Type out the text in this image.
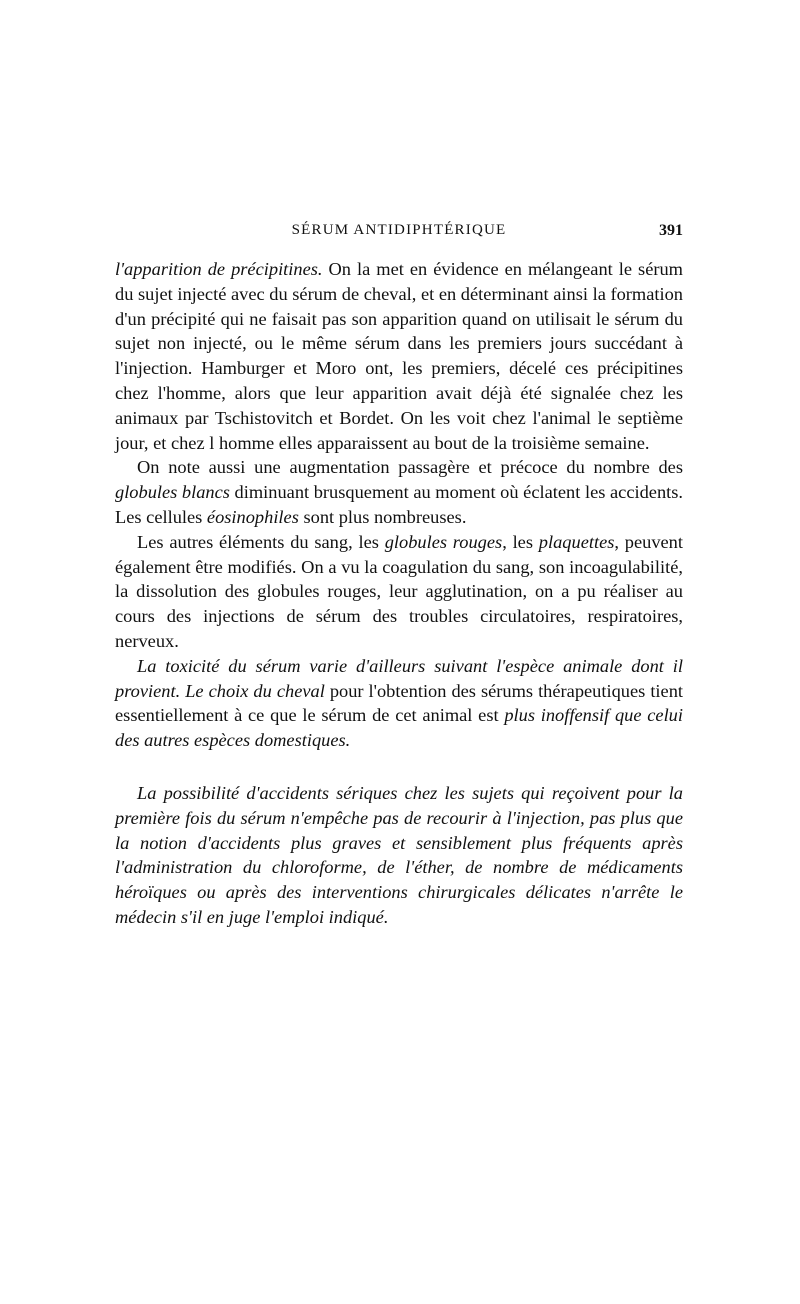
SÉRUM ANTIDIPHTÉRIQUE	391

l'apparition de précipitines. On la met en évidence en mélangeant le sérum du sujet injecté avec du sérum de cheval, et en déterminant ainsi la formation d'un précipité qui ne faisait pas son apparition quand on utilisait le sérum du sujet non injecté, ou le même sérum dans les premiers jours succédant à l'injection. Hamburger et Moro ont, les premiers, décelé ces précipitines chez l'homme, alors que leur apparition avait déjà été signalée chez les animaux par Tschistovitch et Bordet. On les voit chez l'animal le septième jour, et chez l homme elles apparaissent au bout de la troisième semaine.

On note aussi une augmentation passagère et précoce du nombre des globules blancs diminuant brusquement au moment où éclatent les accidents. Les cellules éosinophiles sont plus nombreuses.

Les autres éléments du sang, les globules rouges, les plaquettes, peuvent également être modifiés. On a vu la coagulation du sang, son incoagulabilité, la dissolution des globules rouges, leur agglutination, on a pu réaliser au cours des injections de sérum des troubles circulatoires, respiratoires, nerveux.

La toxicité du sérum varie d'ailleurs suivant l'espèce animale dont il provient. Le choix du cheval pour l'obtention des sérums thérapeutiques tient essentiellement à ce que le sérum de cet animal est plus inoffensif que celui des autres espèces domestiques.

La possibilité d'accidents sériques chez les sujets qui reçoivent pour la première fois du sérum n'empêche pas de recourir à l'injection, pas plus que la notion d'accidents plus graves et sensiblement plus fréquents après l'administration du chloroforme, de l'éther, de nombre de médicaments héroïques ou après des interventions chirurgicales délicates n'arrête le médecin s'il en juge l'emploi indiqué.
